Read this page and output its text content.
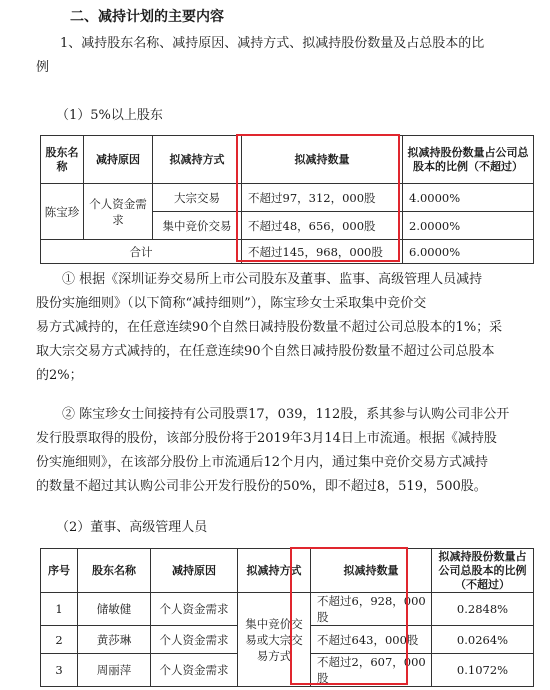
二、减持计划的主要内容
1、减持股东名称、减持原因、减持方式、拟减持股份数量及占总股本的比
例
（1）5%以上股东
股东名称	减持原因	拟减持方式	拟减持数量	拟减持股份数量占公司总股本的比例（不超过）
陈宝珍	个人资金需求	大宗交易	不超过97，312，000股	4.0000%
		集中竞价交易	不超过48，656，000股	2.0000%
合计			不超过145，968，000股	6.0000%
① 根据《深圳证券交易所上市公司股东及董事、监事、高级管理人员减持
股份实施细则》（以下简称“减持细则”），陈宝珍女士采取集中竞价交
易方式减持的，在任意连续90个自然日减持股份数量不超过公司总股本的1%；采
取大宗交易方式减持的，在任意连续90个自然日减持股份数量不超过公司总股本
的2%；
② 陈宝珍女士间接持有公司股票17，039，112股，系其参与认购公司非公开
发行股票取得的股份，该部分股份将于2019年3月14日上市流通。根据《减持股
份实施细则》，在该部分股份上市流通后12个月内，通过集中竞价交易方式减持
的数量不超过其认购公司非公开发行股份的50%，即不超过8，519，500股。
（2）董事、高级管理人员
序号	股东名称	减持原因	拟减持方式	拟减持数量	拟减持股份数量占公司总股本的比例（不超过）
1	储敏健	个人资金需求	集中竞价交易或大宗交易方式	不超过6，928，000股	0.2848%
2	黄莎琳	个人资金需求		不超过643，000股	0.0264%
3	周丽萍	个人资金需求		不超过2，607，000股	0.1072%
